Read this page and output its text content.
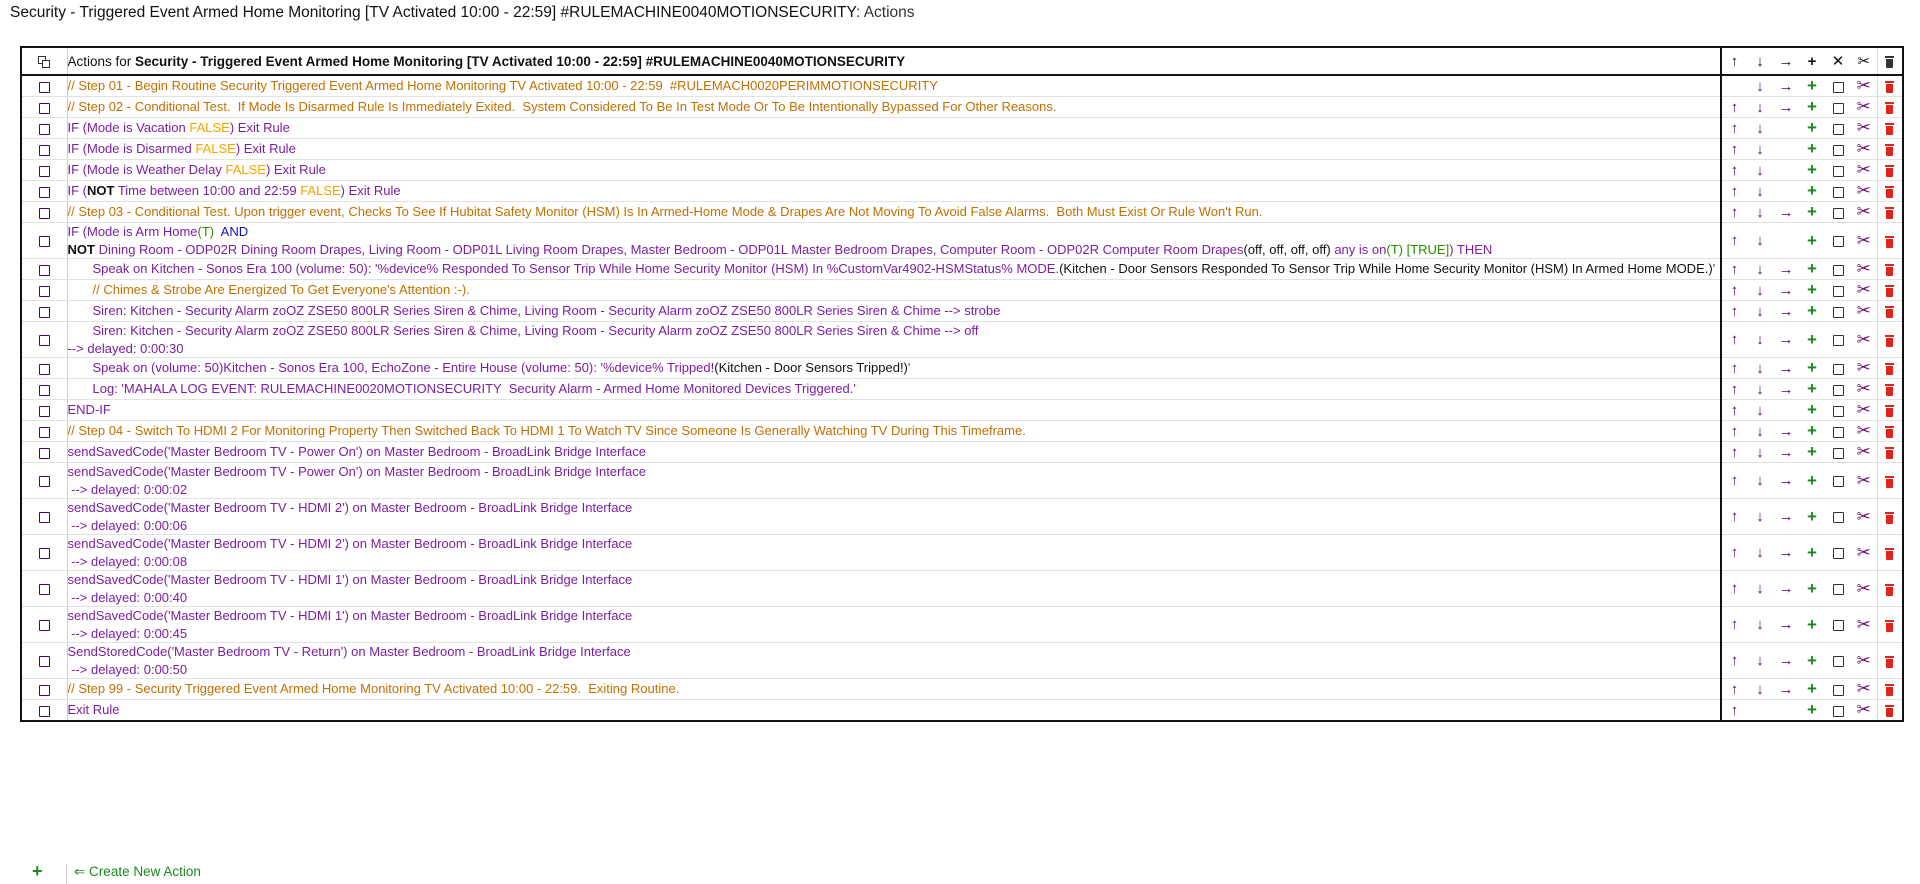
Security - Triggered Event Armed Home Monitoring [TV Activated 10:00 - 22:59] #RULEMACHINE0040MOTIONSECURITY: Actions
	Actions for Security - Triggered Event Armed Home Monitoring [TV Activated 10:00 - 22:59] #RULEMACHINE0040MOTIONSECURITY	↑	↓	→	+	✕	✂	

	// Step 01 - Begin Routine Security Triggered Event Armed Home Monitoring TV Activated 10:00 - 22:59  #RULEMACH0020PERIMMOTIONSECURITY		↓	→	+		✂	

	// Step 02 - Conditional Test.  If Mode Is Disarmed Rule Is Immediately Exited.  System Considered To Be In Test Mode Or To Be Intentionally Bypassed For Other Reasons.	↑	↓	→	+		✂	

	IF (Mode is Vacation FALSE) Exit Rule	↑	↓		+		✂	

	IF (Mode is Disarmed FALSE) Exit Rule	↑	↓		+		✂	

	IF (Mode is Weather Delay FALSE) Exit Rule	↑	↓		+		✂	

	IF (NOT Time between 10:00 and 22:59 FALSE) Exit Rule	↑	↓		+		✂	

	// Step 03 - Conditional Test. Upon trigger event, Checks To See If Hubitat Safety Monitor (HSM) Is In Armed-Home Mode & Drapes Are Not Moving To Avoid False Alarms.  Both Must Exist Or Rule Won't Run.	↑	↓	→	+		✂	

	IF (Mode is Arm Home(T)  AND
NOT Dining Room - ODP02R Dining Room Drapes, Living Room - ODP01L Living Room Drapes, Master Bedroom - ODP01L Master Bedroom Drapes, Computer Room - ODP02R Computer Room Drapes(off, off, off, off) any is on(T) [TRUE]) THEN	↑	↓		+		✂	

	Speak on Kitchen - Sonos Era 100 (volume: 50): '%device% Responded To Sensor Trip While Home Security Monitor (HSM) In %CustomVar4902-HSMStatus% MODE.(Kitchen - Door Sensors Responded To Sensor Trip While Home Security Monitor (HSM) In Armed Home MODE.)'	↑	↓	→	+		✂	

	// Chimes & Strobe Are Energized To Get Everyone's Attention :-).	↑	↓	→	+		✂	

	Siren: Kitchen - Security Alarm zoOZ ZSE50 800LR Series Siren & Chime, Living Room - Security Alarm zoOZ ZSE50 800LR Series Siren & Chime --> strobe	↑	↓	→	+		✂	

	Siren: Kitchen - Security Alarm zoOZ ZSE50 800LR Series Siren & Chime, Living Room - Security Alarm zoOZ ZSE50 800LR Series Siren & Chime --> off
--> delayed: 0:00:30	↑	↓	→	+		✂	

	Speak on (volume: 50)Kitchen - Sonos Era 100, EchoZone - Entire House (volume: 50): '%device% Tripped!(Kitchen - Door Sensors Tripped!)'	↑	↓	→	+		✂	

	Log: 'MAHALA LOG EVENT: RULEMACHINE0020MOTIONSECURITY  Security Alarm - Armed Home Monitored Devices Triggered.'	↑	↓	→	+		✂	

	END-IF	↑	↓		+		✂	

	// Step 04 - Switch To HDMI 2 For Monitoring Property Then Switched Back To HDMI 1 To Watch TV Since Someone Is Generally Watching TV During This Timeframe.	↑	↓	→	+		✂	

	sendSavedCode('Master Bedroom TV - Power On') on Master Bedroom - BroadLink Bridge Interface	↑	↓	→	+		✂	

	sendSavedCode('Master Bedroom TV - Power On') on Master Bedroom - BroadLink Bridge Interface
--> delayed: 0:00:02	↑	↓	→	+		✂	

	sendSavedCode('Master Bedroom TV - HDMI 2') on Master Bedroom - BroadLink Bridge Interface
--> delayed: 0:00:06	↑	↓	→	+		✂	

	sendSavedCode('Master Bedroom TV - HDMI 2') on Master Bedroom - BroadLink Bridge Interface
--> delayed: 0:00:08	↑	↓	→	+		✂	

	sendSavedCode('Master Bedroom TV - HDMI 1') on Master Bedroom - BroadLink Bridge Interface
--> delayed: 0:00:40	↑	↓	→	+		✂	

	sendSavedCode('Master Bedroom TV - HDMI 1') on Master Bedroom - BroadLink Bridge Interface
--> delayed: 0:00:45	↑	↓	→	+		✂	

	SendStoredCode('Master Bedroom TV - Return') on Master Bedroom - BroadLink Bridge Interface
--> delayed: 0:00:50	↑	↓	→	+		✂	

	// Step 99 - Security Triggered Event Armed Home Monitoring TV Activated 10:00 - 22:59.  Exiting Routine.	↑	↓	→	+		✂	

	Exit Rule	↑			+		✂	
+ ⇐ Create New Action
